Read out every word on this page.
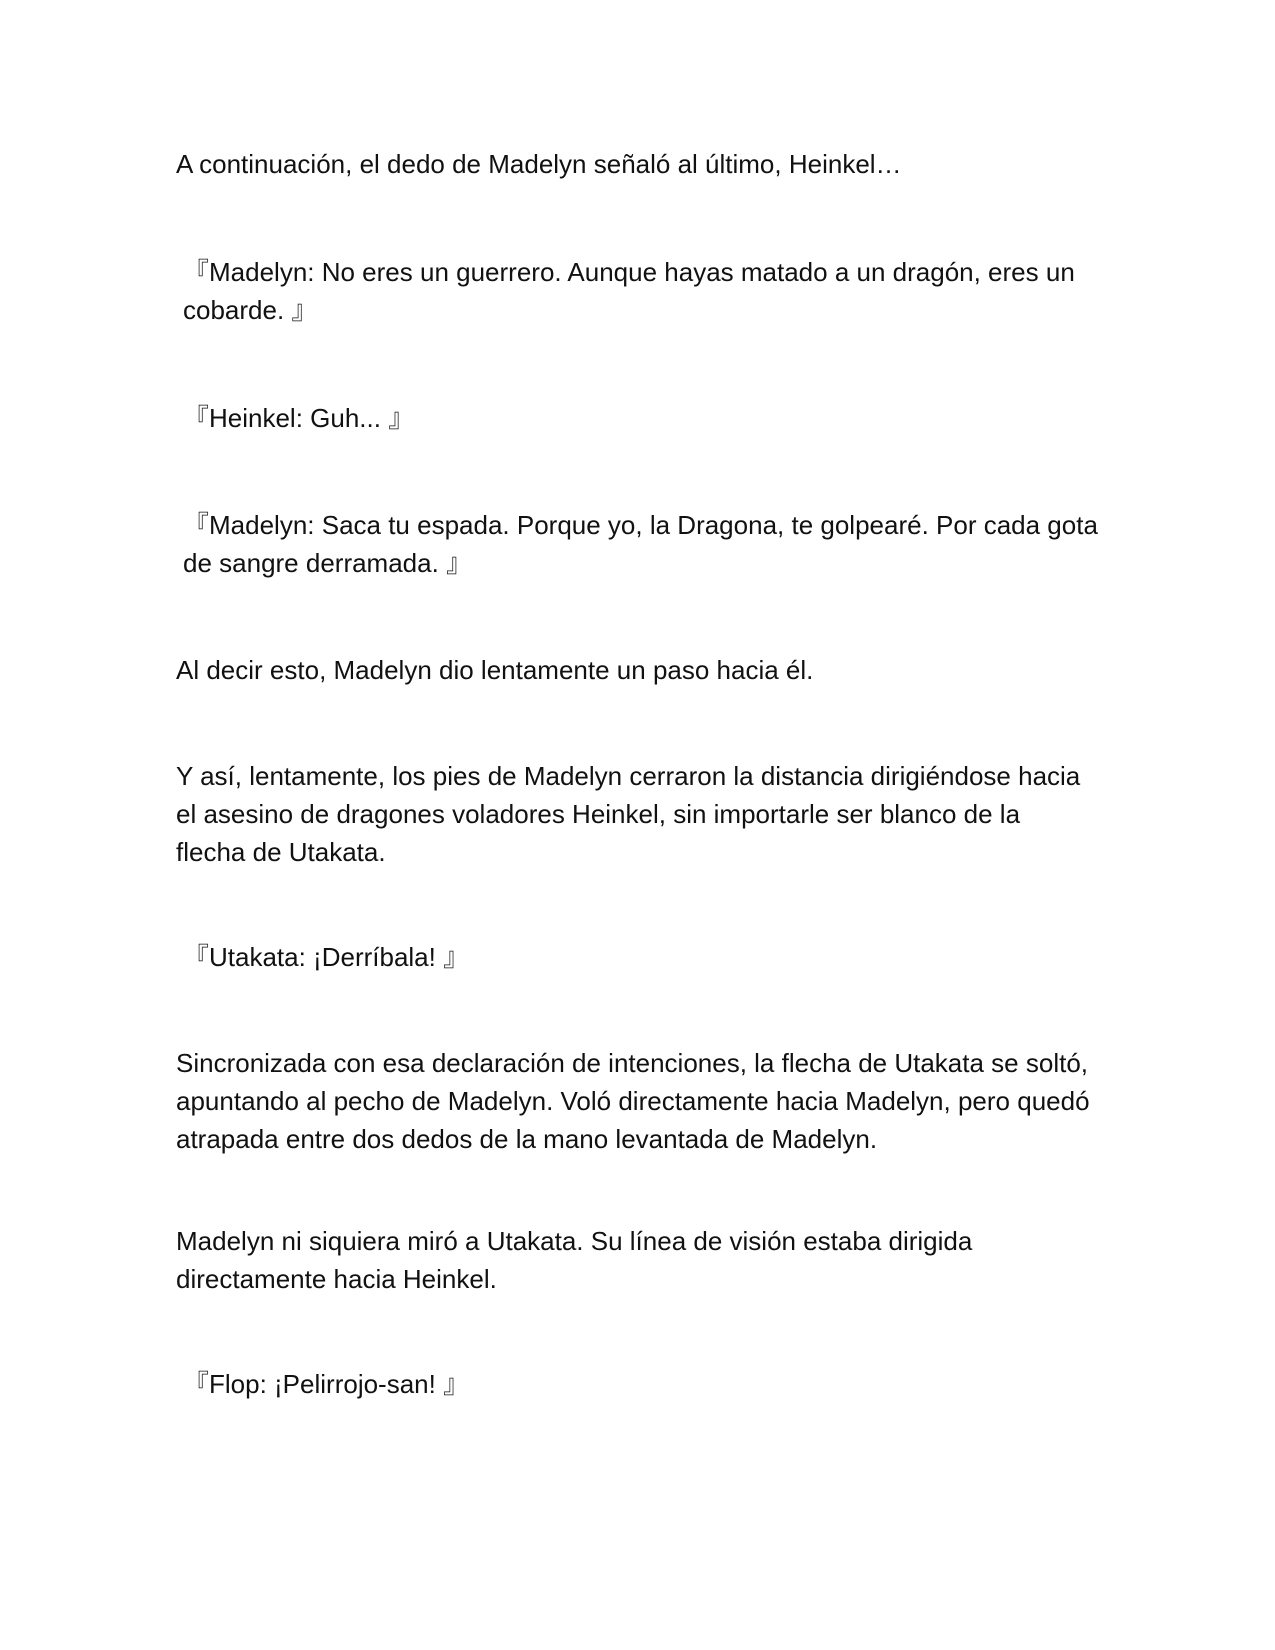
A continuación, el dedo de Madelyn señaló al último, Heinkel…

『Madelyn: No eres un guerrero. Aunque hayas matado a un dragón, eres un cobarde. 』

『Heinkel: Guh... 』

『Madelyn: Saca tu espada. Porque yo, la Dragona, te golpearé. Por cada gota de sangre derramada. 』

Al decir esto, Madelyn dio lentamente un paso hacia él.

Y así, lentamente, los pies de Madelyn cerraron la distancia dirigiéndose hacia el asesino de dragones voladores Heinkel, sin importarle ser blanco de la flecha de Utakata.

『Utakata: ¡Derríbala! 』

Sincronizada con esa declaración de intenciones, la flecha de Utakata se soltó, apuntando al pecho de Madelyn. Voló directamente hacia Madelyn, pero quedó atrapada entre dos dedos de la mano levantada de Madelyn.

Madelyn ni siquiera miró a Utakata. Su línea de visión estaba dirigida directamente hacia Heinkel.

『Flop: ¡Pelirrojo-san! 』
